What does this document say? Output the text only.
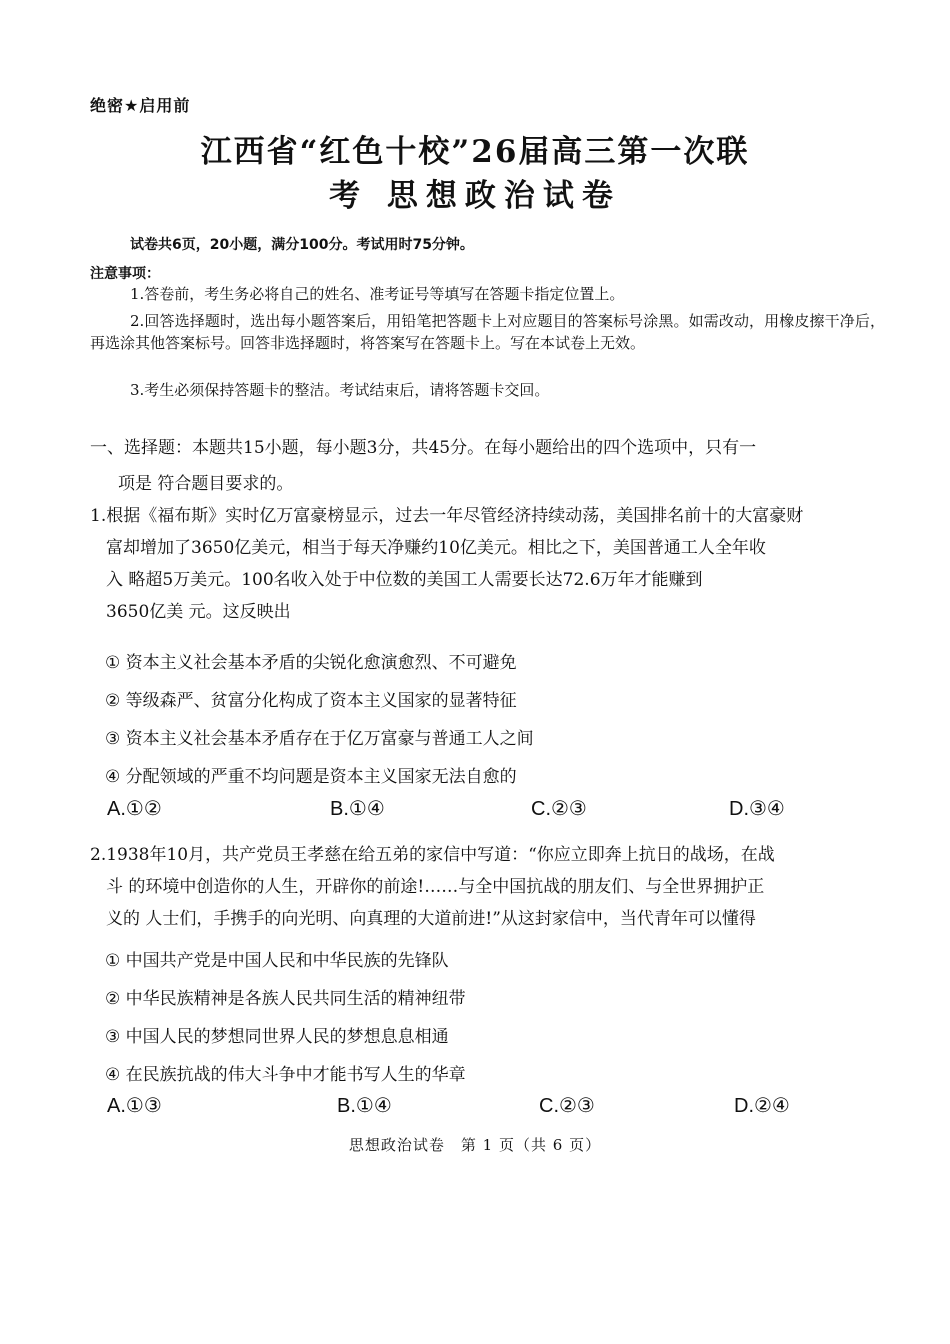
绝密★启用前
江西省“红色十校”26届高三第一次联
考 思想政治试卷
试卷共6页，20小题，满分100分。考试用时75分钟。
注意事项：
1.答卷前，考生务必将自己的姓名、准考证号等填写在答题卡指定位置上。
2.回答选择题时，选出每小题答案后，用铅笔把答题卡上对应题目的答案标号涂黑。如需改动，用橡皮擦干净后，再选涂其他答案标号。回答非选择题时，将答案写在答题卡上。写在本试卷上无效。
3.考生必须保持答题卡的整洁。考试结束后，请将答题卡交回。
一、选择题：本题共15小题，每小题3分，共45分。在每小题给出的四个选项中，只有一
项是 符合题目要求的。
1.根据《福布斯》实时亿万富豪榜显示，过去一年尽管经济持续动荡，美国排名前十的大富豪财
富却增加了3650亿美元，相当于每天净赚约10亿美元。相比之下，美国普通工人全年收
入 略超5万美元。100名收入处于中位数的美国工人需要长达72.6万年才能赚到
3650亿美 元。这反映出
① 资本主义社会基本矛盾的尖锐化愈演愈烈、不可避免
② 等级森严、贫富分化构成了资本主义国家的显著特征
③ 资本主义社会基本矛盾存在于亿万富豪与普通工人之间
④ 分配领域的严重不均问题是资本主义国家无法自愈的
A.①②	B.①④	C.②③	D.③④
2.1938年10月，共产党员王孝慈在给五弟的家信中写道：“你应立即奔上抗日的战场，在战
斗 的环境中创造你的人生，开辟你的前途!……与全中国抗战的朋友们、与全世界拥护正
义的 人士们，手携手的向光明、向真理的大道前进!”从这封家信中，当代青年可以懂得
① 中国共产党是中国人民和中华民族的先锋队
② 中华民族精神是各族人民共同生活的精神纽带
③ 中国人民的梦想同世界人民的梦想息息相通
④ 在民族抗战的伟大斗争中才能书写人生的华章
A.①③	B.①④	C.②③	D.②④
思想政治试卷　第 1 页（共 6 页）
